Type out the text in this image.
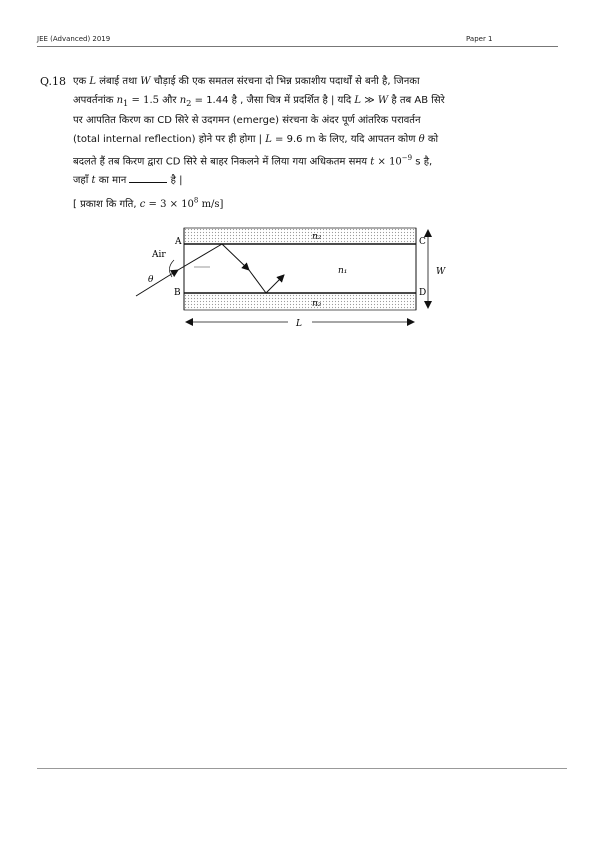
JEE (Advanced) 2019	Paper 1
Q.18 एक L लंबाई तथा W चौड़ाई की एक समतल संरचना दो भिन्न प्रकाशीय पदार्थों से बनी है, जिनका
अपवर्तनांक $n_1 = 1.5$ और $n_2 = 1.44$ है , जैसा चित्र में प्रदर्शित है | यदि L ≫ W है तब AB सिरे
पर आपतित किरण का CD सिरे से उदगमन (emerge) संरचना के अंदर पूर्ण आंतरिक परावर्तन
(total internal reflection) होने पर ही होगा | L = 9.6 m के लिए, यदि आपतन कोण θ को
बदलते हैं तब किरण द्वारा CD सिरे से बाहर निकलने में लिया गया अधिकतम समय $t \times 10^{-9}$ s है,
जहाँ t का मान	है |
[ प्रकाश कि गति, $c = 3 \times 10^8$ m/s]
n₂
n₁
n₂
Air
θ
A
B
C
D
W
L
